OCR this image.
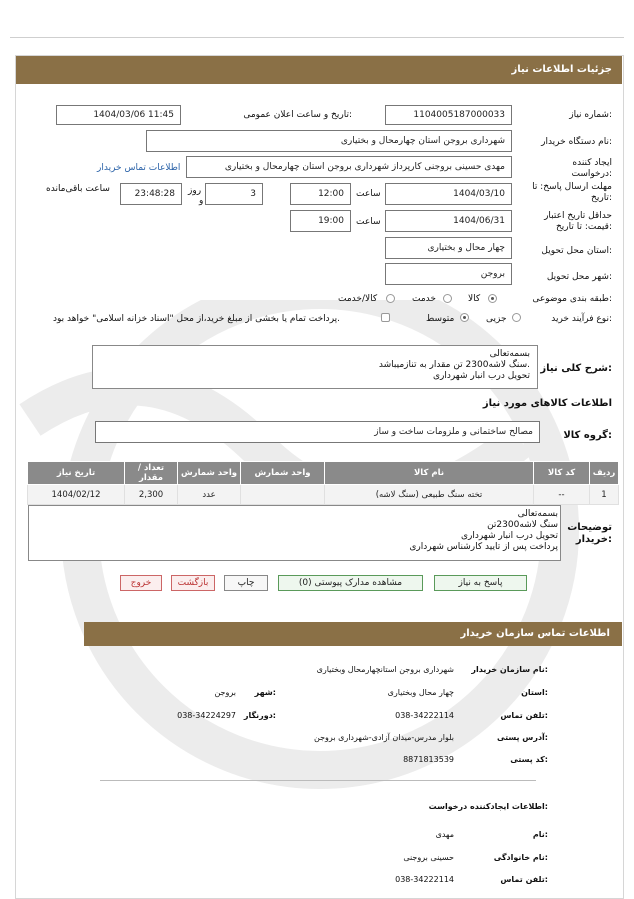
جزئیات اطلاعات نیاز
شماره نیاز:
1104005187000033
تاریخ و ساعت اعلان عمومی:
1404/03/06 11:45
نام دستگاه خریدار:
شهرداری بروجن استان چهارمحال و بختیاری
ایجاد کننده
درخواست:
مهدی حسینی بروجنی کارپرداز شهرداری بروجن استان چهارمحال و بختیاری
اطلاعات تماس خریدار
مهلت ارسال پاسخ: تا
تاریخ:
1404/03/10
ساعت
12:00
3
روز
و
23:48:28
ساعت باقی‌مانده
حداقل تاریخ اعتبار
قیمت: تا تاریخ:
1404/06/31
ساعت
19:00
استان محل تحویل:
چهار محال و بختیاری
شهر محل تحویل:
بروجن
طبقه بندی موضوعی:
کالا
خدمت
کالا/خدمت
نوع فرآیند خرید:
جزیی
متوسط
پرداخت تمام یا بخشی از مبلغ خرید،از محل "اسناد خزانه اسلامی" خواهد بود.
بسمه‌تعالی
سنگ لاشه2300 تن مقدار به تنازمیباشد.
تحویل درب انبار شهرداری
شرح کلی نیاز:
اطلاعات کالاهای مورد نیاز
گروه کالا:
مصالح ساختمانی و ملزومات ساخت و ساز
تاریخ نیاز	تعداد / مقدار	واحد شمارش	واحد شمارش	نام کالا	کد کالا	ردیف
1404/02/12	2,300	عدد		تخته سنگ طبیعی (سنگ لاشه)	--	1
بسمه‌تعالی
سنگ لاشه2300تن
تحویل درب انبار شهرداری
پرداخت پس از تایید کارشناس شهرداری
توضیحات
خریدار:
پاسخ به نیاز
مشاهده مدارک پیوستی (0)
چاپ
بازگشت
خروج
اطلاعات تماس سازمان خریدار
نام سازمان خریدار:
شهرداری بروجن استانچهارمحال وبختیاری
استان:
چهار محال وبختیاری
شهر:
بروجن
تلفن تماس:
038-34222114
دورنگار:
038-34224297
آدرس پستی:
بلوار مدرس-میدان آزادی-شهرداری بروجن
کد پستی:
8871813539
اطلاعات ایجادکننده درخواست:
نام:
مهدی
نام خانوادگی:
حسینی بروجنی
تلفن تماس:
038-34222114
